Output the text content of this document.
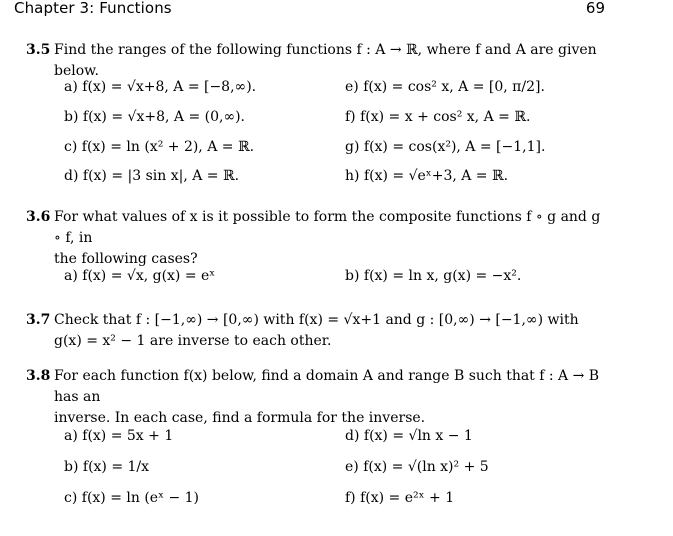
Chapter 3: Functions	69
3.5 Find the ranges of the following functions f : A → ℝ, where f and A are given below.
a) f(x) = √x+8, A = [−8,∞).
b) f(x) = √x+8, A = (0,∞).
c) f(x) = ln (x² + 2), A = ℝ.
d) f(x) = |3 sin x|, A = ℝ.
e) f(x) = cos² x, A = [0, π/2].
f) f(x) = x + cos² x, A = ℝ.
g) f(x) = cos(x²), A = [−1,1].
h) f(x) = √eˣ+3, A = ℝ.
3.6 For what values of x is it possible to form the composite functions f ∘ g and g ∘ f, in
the following cases?
a) f(x) = √x, g(x) = eˣ	b) f(x) = ln x, g(x) = −x².
3.7 Check that f : [−1,∞) → [0,∞) with f(x) = √x+1 and g : [0,∞) → [−1,∞) with
g(x) = x² − 1 are inverse to each other.
3.8 For each function f(x) below, find a domain A and range B such that f : A → B has an
inverse. In each case, find a formula for the inverse.
a) f(x) = 5x + 1
b) f(x) = 1/x
c) f(x) = ln (eˣ − 1)
d) f(x) = √ln x − 1
e) f(x) = √(ln x)² + 5
f) f(x) = e²ˣ + 1
